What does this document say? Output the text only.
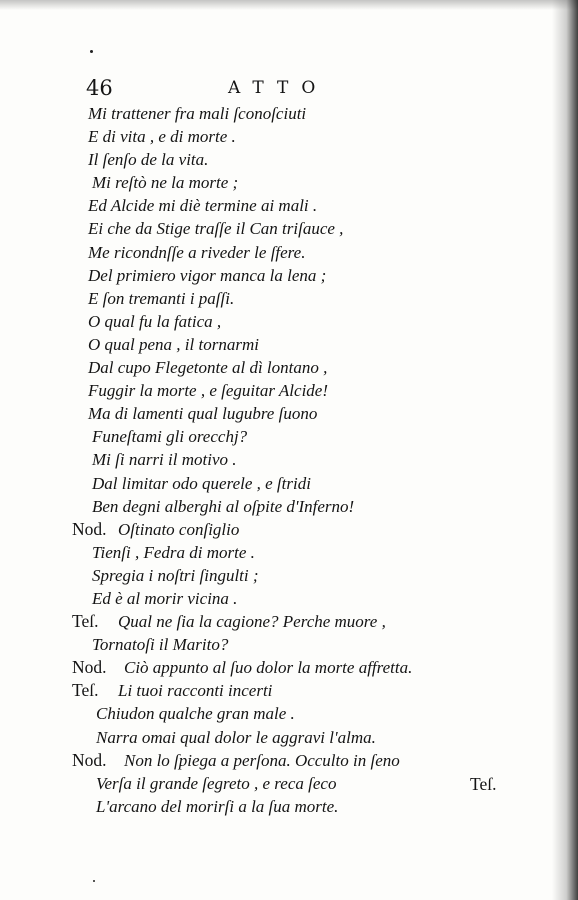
46	ATTO
Mi trattener fra mali ſconoſciuti
E di vita , e di morte .
Il ſenſo de la vita.
Mi reſtò ne la morte ;
Ed Alcide mi diè termine ai mali .
Ei che da Stige traſſe il Can triſauce ,
Me ricondnſſe a riveder le ſfere.
Del primiero vigor manca la lena ;
E ſon tremanti i paſſi.
O qual fu la fatica ,
O qual pena , il tornarmi
Dal cupo Flegetonte al dì lontano ,
Fuggir la morte , e ſeguitar Alcide!
Ma di lamenti qual lugubre ſuono
Funeſtami gli orecchj?
Mi ſi narri il motivo .
Dal limitar odo querele , e ſtridi
Ben degni alberghi al oſpite d'Inferno!
Nod. Oſtinato conſiglio
Tienſi , Fedra di morte .
Spregia i noſtri ſingulti ;
Ed è al morir vicina .
Teſ. Qual ne ſia la cagione? Perche muore ,
Tornatoſi il Marito?
Nod. Ciò appunto al ſuo dolor la morte affretta.
Teſ. Li tuoi racconti incerti
Chiudon qualche gran male .
Narra omai qual dolor le aggravi l'alma.
Nod. Non lo ſpiega a perſona. Occulto in ſeno
Verſa il grande ſegreto , e reca ſeco
L'arcano del morirſi a la ſua morte.
Teſ.
